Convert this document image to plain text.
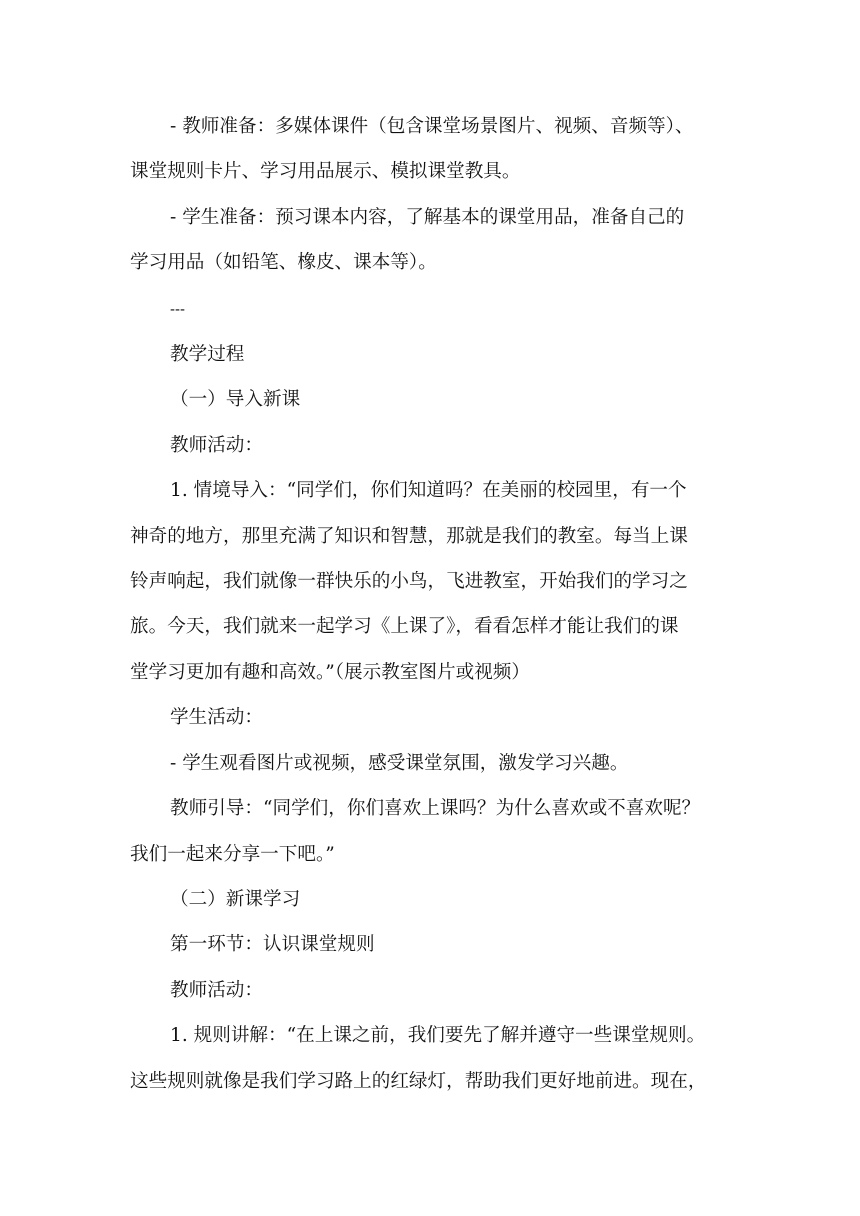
- 教师准备：多媒体课件（包含课堂场景图片、视频、音频等）、
课堂规则卡片、学习用品展示、模拟课堂教具。
- 学生准备：预习课本内容，了解基本的课堂用品，准备自己的
学习用品（如铅笔、橡皮、课本等）。
---
教学过程
（一）导入新课
教师活动：
1. 情境导入：“同学们，你们知道吗？在美丽的校园里，有一个
神奇的地方，那里充满了知识和智慧，那就是我们的教室。每当上课
铃声响起，我们就像一群快乐的小鸟，飞进教室，开始我们的学习之
旅。今天，我们就来一起学习《上课了》，看看怎样才能让我们的课
堂学习更加有趣和高效。”（展示教室图片或视频）
学生活动：
- 学生观看图片或视频，感受课堂氛围，激发学习兴趣。
教师引导：“同学们，你们喜欢上课吗？为什么喜欢或不喜欢呢？
我们一起来分享一下吧。”
（二）新课学习
第一环节：认识课堂规则
教师活动：
1. 规则讲解：“在上课之前，我们要先了解并遵守一些课堂规则。
这些规则就像是我们学习路上的红绿灯，帮助我们更好地前进。现在，
